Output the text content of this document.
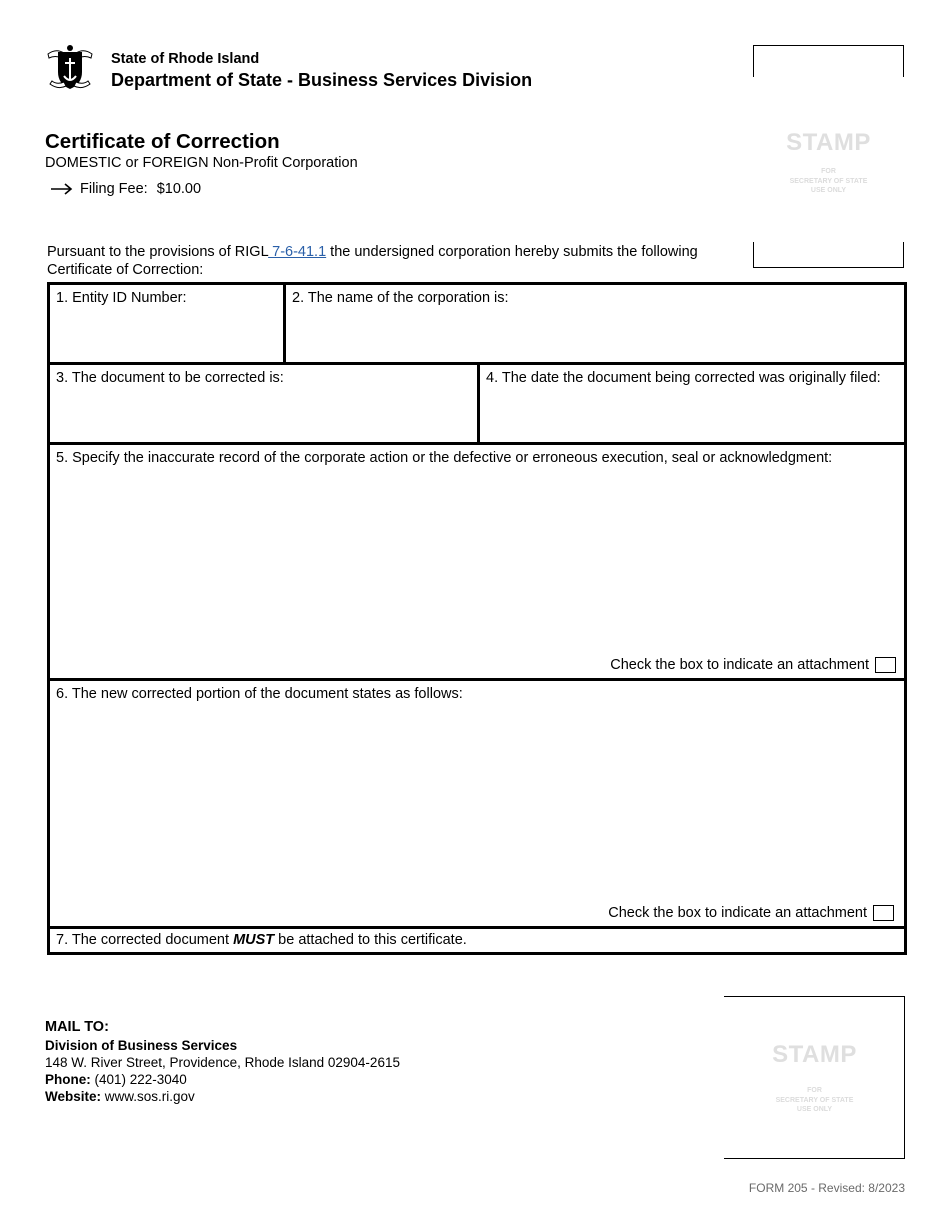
State of Rhode Island
Department of State - Business Services Division
Certificate of Correction
DOMESTIC or FOREIGN Non-Profit Corporation
Filing Fee: $10.00
STAMP
FOR
SECRETARY OF STATE
USE ONLY
Pursuant to the provisions of RIGL 7-6-41.1 the undersigned corporation hereby submits the following Certificate of Correction:
1. Entity ID Number:	2. The name of the corporation is:
3. The document to be corrected is:	4. The date the document being corrected was originally filed:
5. Specify the inaccurate record of the corporate action or the defective or erroneous execution, seal or acknowledgment:
Check the box to indicate an attachment
6. The new corrected portion of the document states as follows:
Check the box to indicate an attachment
7. The corrected document MUST be attached to this certificate.
MAIL TO:
Division of Business Services
148 W. River Street, Providence, Rhode Island 02904-2615
Phone: (401) 222-3040
Website: www.sos.ri.gov
STAMP
FOR
SECRETARY OF STATE
USE ONLY
FORM 205 - Revised: 8/2023
